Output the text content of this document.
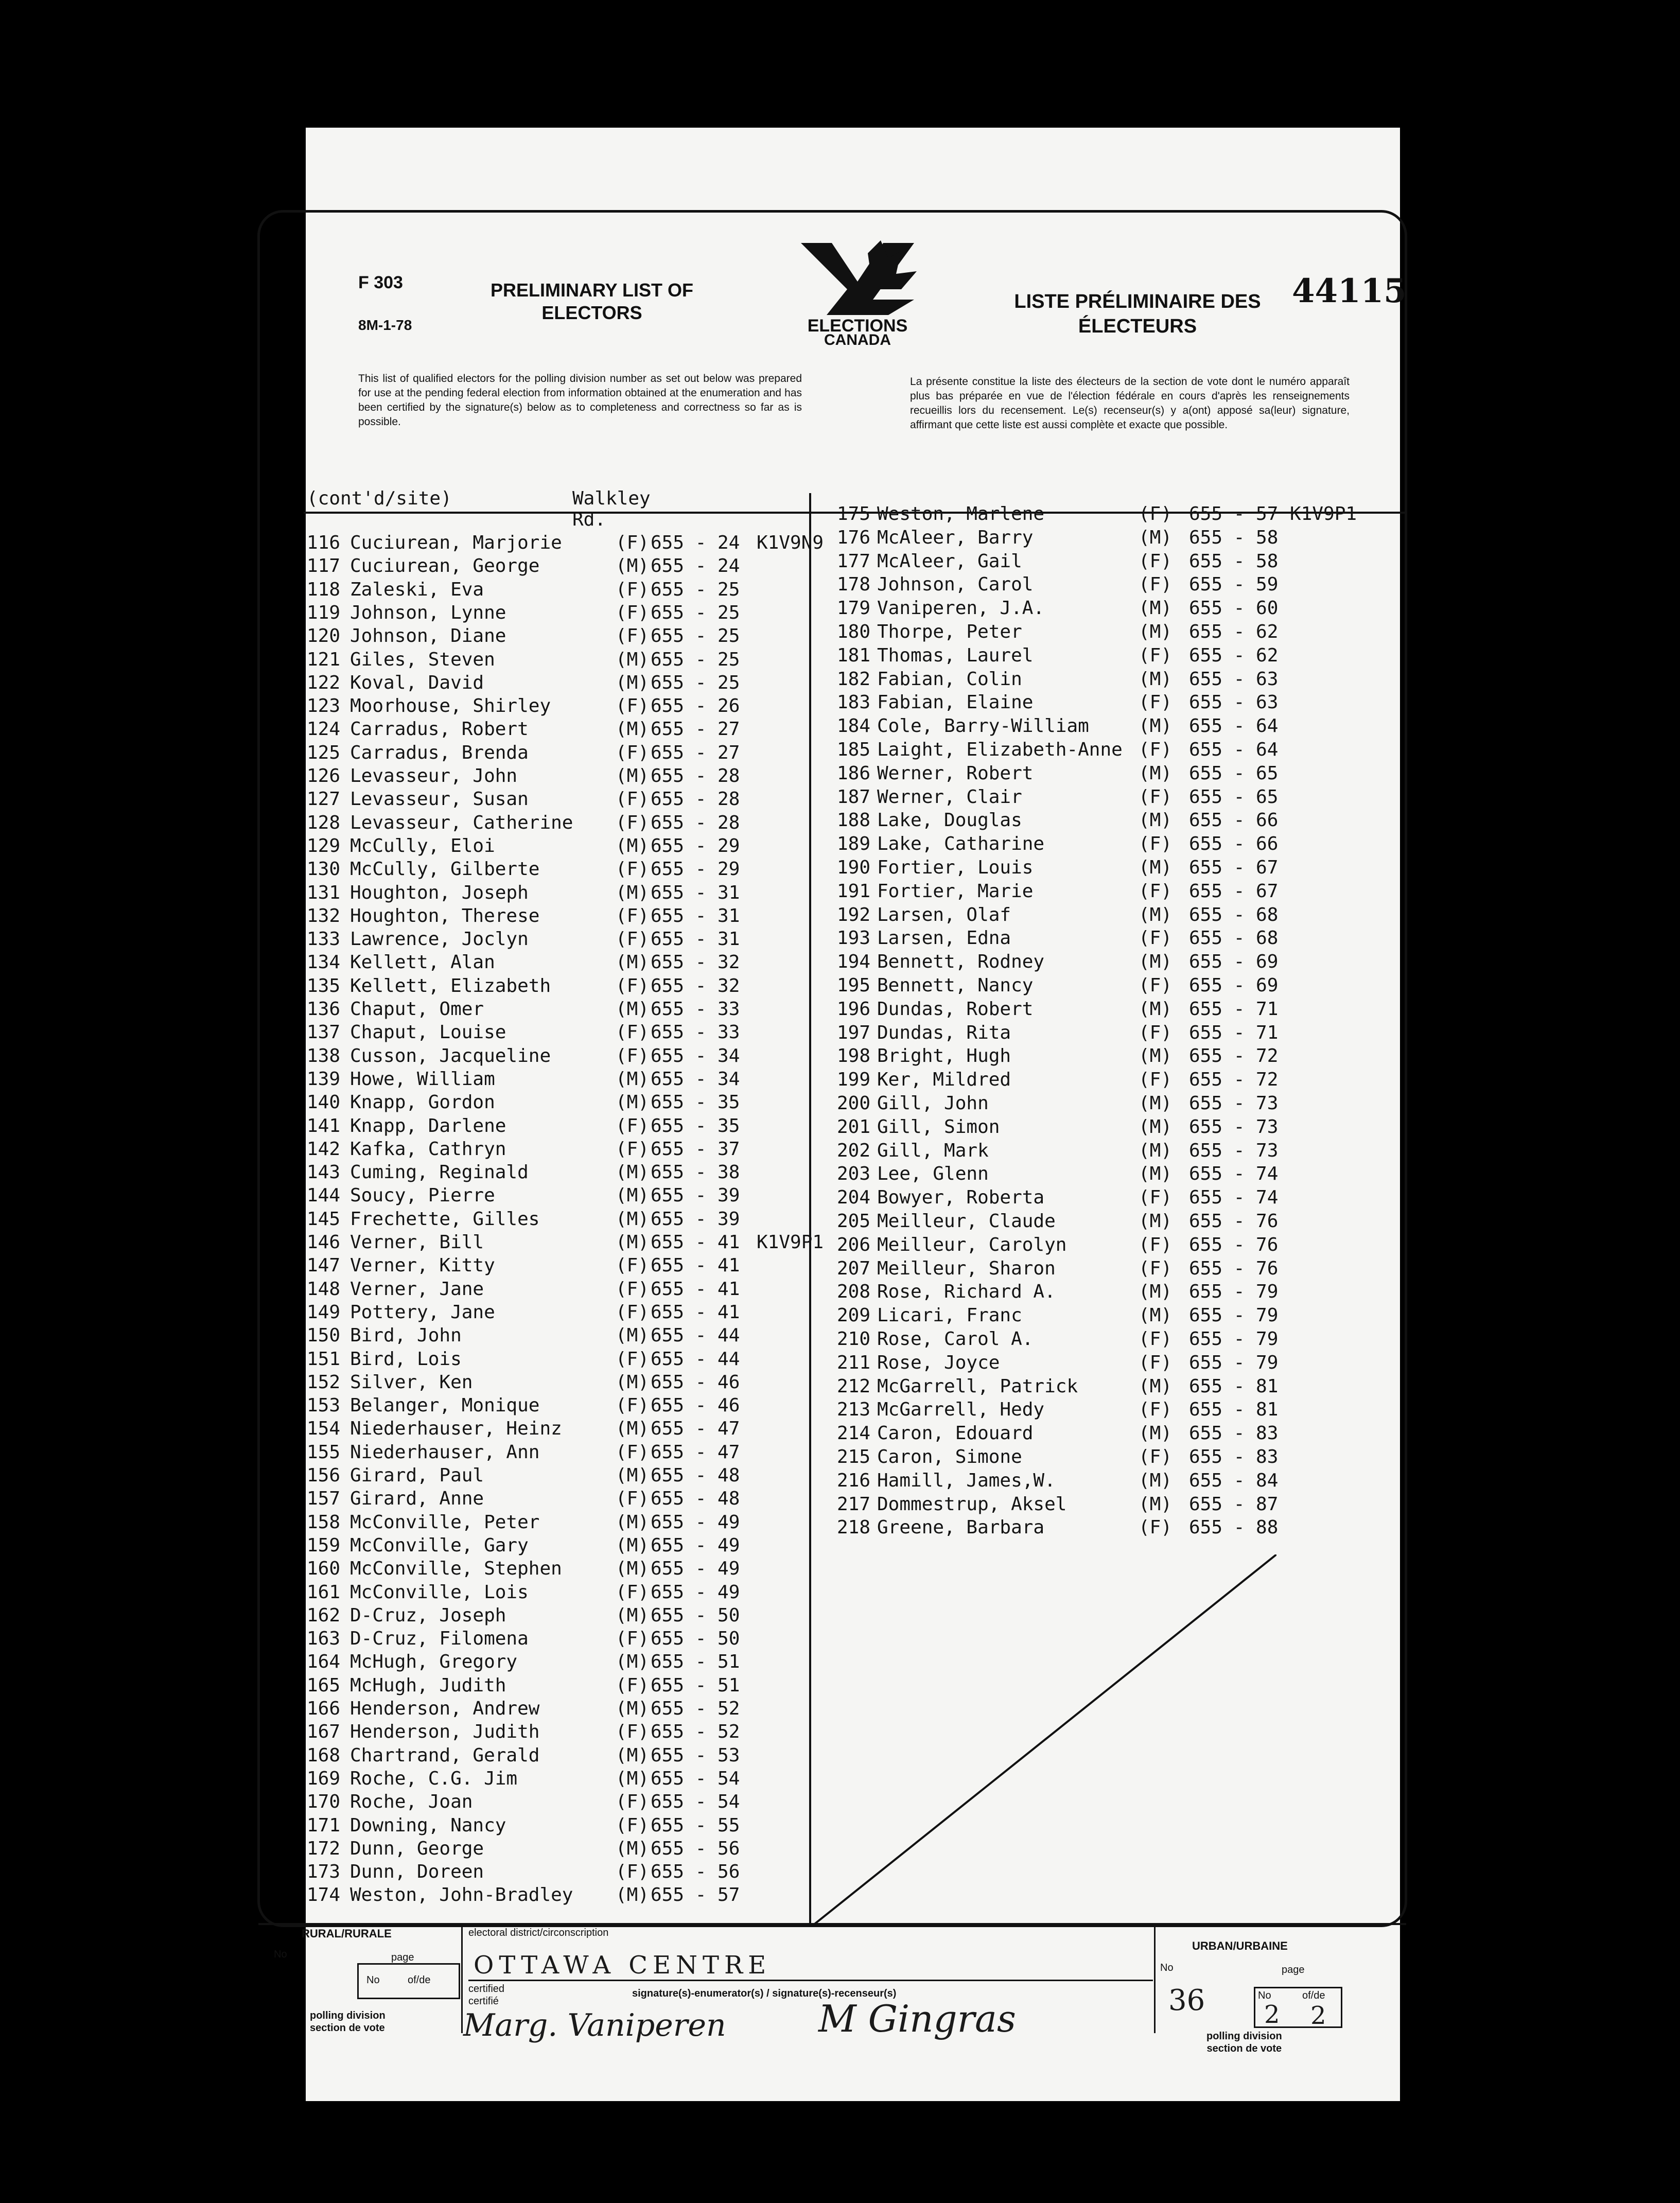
F 303
8M-1-78
PRELIMINARY LIST OF ELECTORS
LISTE PRÉLIMINAIRE DES ÉLECTEURS
44115
ELECTIONS
CANADA
This list of qualified electors for the polling division number as set out below was prepared for use at the pending federal election from information obtained at the enumeration and has been certified by the signature(s) below as to completeness and correctness so far as is possible.
La présente constitue la liste des électeurs de la section de vote dont le numéro apparaît plus bas préparée en vue de l'élection fédérale en cours d'après les renseignements recueillis lors du recensement. Le(s) recenseur(s) y a(ont) apposé sa(leur) signature, affirmant que cette liste est aussi complète et exacte que possible.
(cont'd/site)	Walkley Rd.
116 Cuciurean, Marjorie	(F) 655 - 24 K1V9N9
117 Cuciurean, George	(M) 655 - 24
118 Zaleski, Eva	(F) 655 - 25
119 Johnson, Lynne	(F) 655 - 25
120 Johnson, Diane	(F) 655 - 25
121 Giles, Steven	(M) 655 - 25
122 Koval, David	(M) 655 - 25
123 Moorhouse, Shirley	(F) 655 - 26
124 Carradus, Robert	(M) 655 - 27
125 Carradus, Brenda	(F) 655 - 27
126 Levasseur, John	(M) 655 - 28
127 Levasseur, Susan	(F) 655 - 28
128 Levasseur, Catherine (F) 655 - 28
129 McCully, Eloi	(M) 655 - 29
130 McCully, Gilberte	(F) 655 - 29
131 Houghton, Joseph	(M) 655 - 31
132 Houghton, Therese	(F) 655 - 31
133 Lawrence, Joclyn	(F) 655 - 31
134 Kellett, Alan	(M) 655 - 32
135 Kellett, Elizabeth	(F) 655 - 32
136 Chaput, Omer	(M) 655 - 33
137 Chaput, Louise	(F) 655 - 33
138 Cusson, Jacqueline	(F) 655 - 34
139 Howe, William	(M) 655 - 34
140 Knapp, Gordon	(M) 655 - 35
141 Knapp, Darlene	(F) 655 - 35
142 Kafka, Cathryn	(F) 655 - 37
143 Cuming, Reginald	(M) 655 - 38
144 Soucy, Pierre	(M) 655 - 39
145 Frechette, Gilles	(M) 655 - 39
146 Verner, Bill	(M) 655 - 41 K1V9P1
147 Verner, Kitty	(F) 655 - 41
148 Verner, Jane	(F) 655 - 41
149 Pottery, Jane	(F) 655 - 41
150 Bird, John	(M) 655 - 44
151 Bird, Lois	(F) 655 - 44
152 Silver, Ken	(M) 655 - 46
153 Belanger, Monique	(F) 655 - 46
154 Niederhauser, Heinz	(M) 655 - 47
155 Niederhauser, Ann	(F) 655 - 47
156 Girard, Paul	(M) 655 - 48
157 Girard, Anne	(F) 655 - 48
158 McConville, Peter	(M) 655 - 49
159 McConville, Gary	(M) 655 - 49
160 McConville, Stephen	(M) 655 - 49
161 McConville, Lois	(F) 655 - 49
162 D-Cruz, Joseph	(M) 655 - 50
163 D-Cruz, Filomena	(F) 655 - 50
164 McHugh, Gregory	(M) 655 - 51
165 McHugh, Judith	(F) 655 - 51
166 Henderson, Andrew	(M) 655 - 52
167 Henderson, Judith	(F) 655 - 52
168 Chartrand, Gerald	(M) 655 - 53
169 Roche, C.G. Jim	(M) 655 - 54
170 Roche, Joan	(F) 655 - 54
171 Downing, Nancy	(F) 655 - 55
172 Dunn, George	(M) 655 - 56
173 Dunn, Doreen	(F) 655 - 56
174 Weston, John-Bradley (M) 655 - 57
175 Weston, Marlene	(F) 655 - 57 K1V9P1
176 McAleer, Barry	(M) 655 - 58
177 McAleer, Gail	(F) 655 - 58
178 Johnson, Carol	(F) 655 - 59
179 Vaniperen, J.A.	(M) 655 - 60
180 Thorpe, Peter	(M) 655 - 62
181 Thomas, Laurel	(F) 655 - 62
182 Fabian, Colin	(M) 655 - 63
183 Fabian, Elaine	(F) 655 - 63
184 Cole, Barry-William	(M) 655 - 64
185 Laight, Elizabeth-Anne (F) 655 - 64
186 Werner, Robert	(M) 655 - 65
187 Werner, Clair	(F) 655 - 65
188 Lake, Douglas	(M) 655 - 66
189 Lake, Catharine	(F) 655 - 66
190 Fortier, Louis	(M) 655 - 67
191 Fortier, Marie	(F) 655 - 67
192 Larsen, Olaf	(M) 655 - 68
193 Larsen, Edna	(F) 655 - 68
194 Bennett, Rodney	(M) 655 - 69
195 Bennett, Nancy	(F) 655 - 69
196 Dundas, Robert	(M) 655 - 71
197 Dundas, Rita	(F) 655 - 71
198 Bright, Hugh	(M) 655 - 72
199 Ker, Mildred	(F) 655 - 72
200 Gill, John	(M) 655 - 73
201 Gill, Simon	(M) 655 - 73
202 Gill, Mark	(M) 655 - 73
203 Lee, Glenn	(M) 655 - 74
204 Bowyer, Roberta	(F) 655 - 74
205 Meilleur, Claude	(M) 655 - 76
206 Meilleur, Carolyn	(F) 655 - 76
207 Meilleur, Sharon	(F) 655 - 76
208 Rose, Richard A.	(M) 655 - 79
209 Licari, Franc	(M) 655 - 79
210 Rose, Carol A.	(F) 655 - 79
211 Rose, Joyce	(F) 655 - 79
212 McGarrell, Patrick	(M) 655 - 81
213 McGarrell, Hedy	(F) 655 - 81
214 Caron, Edouard	(M) 655 - 83
215 Caron, Simone	(F) 655 - 83
216 Hamill, James,W.	(M) 655 - 84
217 Dommestrup, Aksel	(M) 655 - 87
218 Greene, Barbara	(F) 655 - 88
RURAL/RURALE
No	page
No	of/de
polling division
section de vote
electoral district/circonscription
OTTAWA CENTRE
certified
certifié
signature(s)-enumerator(s) / signature(s)-recenseur(s)
Marg. Vaniperen M Gingras
URBAN/URBAINE
No	page
No	of/de
36 2 2
polling division
section de vote
